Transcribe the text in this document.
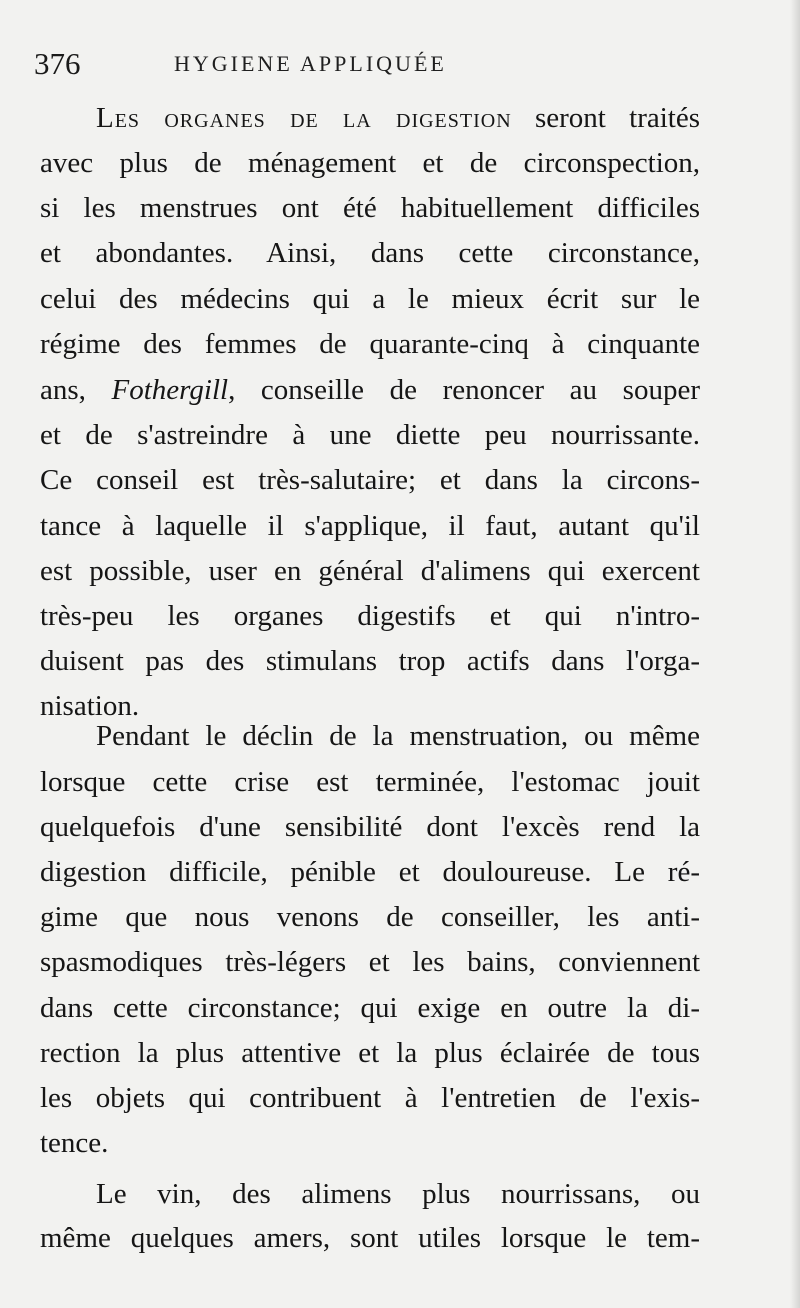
376	HYGIENE APPLIQUÉE
Les organes de la digestion seront traités
avec plus de ménagement et de circonspection,
si les menstrues ont été habituellement difficiles
et abondantes. Ainsi, dans cette circonstance,
celui des médecins qui a le mieux écrit sur le
régime des femmes de quarante-cinq à cinquante
ans, Fothergill, conseille de renoncer au souper
et de s'astreindre à une diette peu nourrissante.
Ce conseil est très-salutaire; et dans la circons-
tance à laquelle il s'applique, il faut, autant qu'il
est possible, user en général d'alimens qui exercent
très-peu les organes digestifs et qui n'intro-
duisent pas des stimulans trop actifs dans l'orga-
nisation.
Pendant le déclin de la menstruation, ou même
lorsque cette crise est terminée, l'estomac jouit
quelquefois d'une sensibilité dont l'excès rend la
digestion difficile, pénible et douloureuse. Le ré-
gime que nous venons de conseiller, les anti-
spasmodiques très-légers et les bains, conviennent
dans cette circonstance; qui exige en outre la di-
rection la plus attentive et la plus éclairée de tous
les objets qui contribuent à l'entretien de l'exis-
tence.
Le vin, des alimens plus nourrissans, ou
même quelques amers, sont utiles lorsque le tem-
